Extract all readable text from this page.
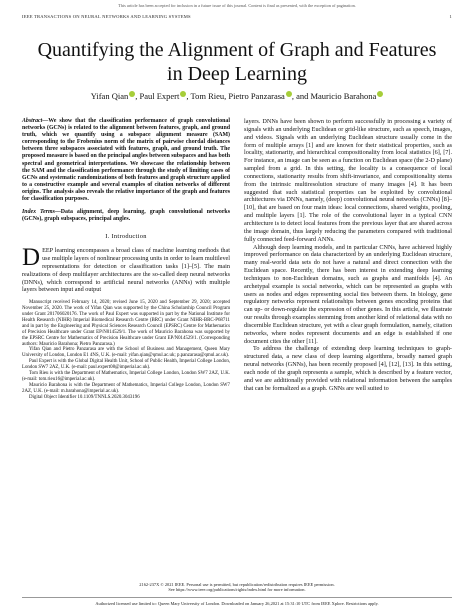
This article has been accepted for inclusion in a future issue of this journal. Content is final as presented, with the exception of pagination.
IEEE TRANSACTIONS ON NEURAL NETWORKS AND LEARNING SYSTEMS	1
Quantifying the Alignment of Graph and Features
in Deep Learning
Yifan Qian , Paul Expert , Tom Rieu, Pietro Panzarasa , and Mauricio Barahona
Abstract—We show that the classification performance of graph convolutional networks (GCNs) is related to the alignment between features, graph, and ground truth, which we quantify using a subspace alignment measure (SAM) corresponding to the Frobenius norm of the matrix of pairwise chordal distances between three subspaces associated with features, graph, and ground truth. The proposed measure is based on the principal angles between subspaces and has both spectral and geometrical interpretations. We showcase the relationship between the SAM and the classification performance through the study of limiting cases of GCNs and systematic randomizations of both features and graph structure applied to a constructive example and several examples of citation networks of different origins. The analysis also reveals the relative importance of the graph and features for classification purposes.
Index Terms—Data alignment, deep learning, graph convolutional networks (GCNs), graph subspaces, principal angles.
I. Introduction

DEEP learning encompasses a broad class of machine learning methods that use multiple layers of nonlinear processing units in order to learn multilevel representations for detection or classification tasks [1]–[5]. The main realizations of deep multilayer architectures are the so-called deep neural networks (DNNs), which correspond to artificial neural networks (ANNs) with multiple layers between input and output

Manuscript received February 14, 2020; revised June 15, 2020 and September 29, 2020; accepted November 25, 2020. The work of Yifan Qian was supported by the China Scholarship Council Program under Grant 201706020176. The work of Paul Expert was supported in part by the National Institute for Health Research (NIHR) Imperial Biomedical Research Centre (BRC) under Grant NIHR-BRC-P68711 and in part by the Engineering and Physical Sciences Research Council (EPSRC) Centre for Mathematics of Precision Healthcare under Grant EP/N014529/1. The work of Mauricio Barahona was supported by the EPSRC Centre for Mathematics of Precision Healthcare under Grant EP/N014529/1. (Corresponding authors: Mauricio Barahona; Pietro Panzarasa.)

Yifan Qian and Pietro Panzarasa are with the School of Business and Management, Queen Mary University of London, London E1 4NS, U.K. (e-mail: yifan.qian@qmul.ac.uk; p.panzarasa@qmul.ac.uk).

Paul Expert is with the Global Digital Health Unit, School of Public Health, Imperial College London, London SW7 2AZ, U.K. (e-mail: paul.expert08@imperial.ac.uk).

Tom Rieu is with the Department of Mathematics, Imperial College London, London SW7 2AZ, U.K. (e-mail: tom.rieu16@imperial.ac.uk).

Mauricio Barahona is with the Department of Mathematics, Imperial College London, London SW7 2AZ, U.K. (e-mail: m.barahona@imperial.ac.uk).

Digital Object Identifier 10.1109/TNNLS.2020.3043196

layers. DNNs have been shown to perform successfully in processing a variety of signals with an underlying Euclidean or grid-like structure, such as speech, images, and videos. Signals with an underlying Euclidean structure usually come in the form of multiple arrays [1] and are known for their statistical properties, such as locality, stationarity, and hierarchical compositionality from local statistics [6], [7]. For instance, an image can be seen as a function on Euclidean space (the 2-D plane) sampled from a grid. In this setting, the locality is a consequence of local connections, stationarity results from shift-invariance, and compositionality stems from the intrinsic multiresolution structure of many images [4]. It has been suggested that such statistical properties can be exploited by convolutional architectures via DNNs, namely, (deep) convolutional neural networks (CNNs) [8]–[10], that are based on four main ideas: local connections, shared weights, pooling, and multiple layers [1]. The role of the convolutional layer in a typical CNN architecture is to detect local features from the previous layer that are shared across the image domain, thus largely reducing the parameters compared with traditional fully connected feed-forward ANNs.

Although deep learning models, and in particular CNNs, have achieved highly improved performance on data characterized by an underlying Euclidean structure, many real-world data sets do not have a natural and direct connection with the Euclidean space. Recently, there has been interest in extending deep learning techniques to non-Euclidean domains, such as graphs and manifolds [4]. An archetypal example is social networks, which can be represented as graphs with users as nodes and edges representing social ties between them. In biology, gene regulatory networks represent relationships between genes encoding proteins that can up- or down-regulate the expression of other genes. In this article, we illustrate our results through examples stemming from another kind of relational data with no discernible Euclidean structure, yet with a clear graph formulation, namely, citation networks, where nodes represent documents and an edge is established if one document cites the other [11].

To address the challenge of extending deep learning techniques to graph-structured data, a new class of deep learning algorithms, broadly named graph neural networks (GNNs), has been recently proposed [4], [12], [13]. In this setting, each node of the graph represents a sample, which is described by a feature vector, and we are additionally provided with relational information between the samples that can be formalized as a graph. GNNs are well suited to

2162-237X © 2021 IEEE. Personal use is permitted, but republication/redistribution requires IEEE permission.
See https://www.ieee.org/publications/rights/index.html for more information.
Authorized licensed use limited to: Queen Mary University of London. Downloaded on January 26,2021 at 15:31:10 UTC from IEEE Xplore. Restrictions apply.
